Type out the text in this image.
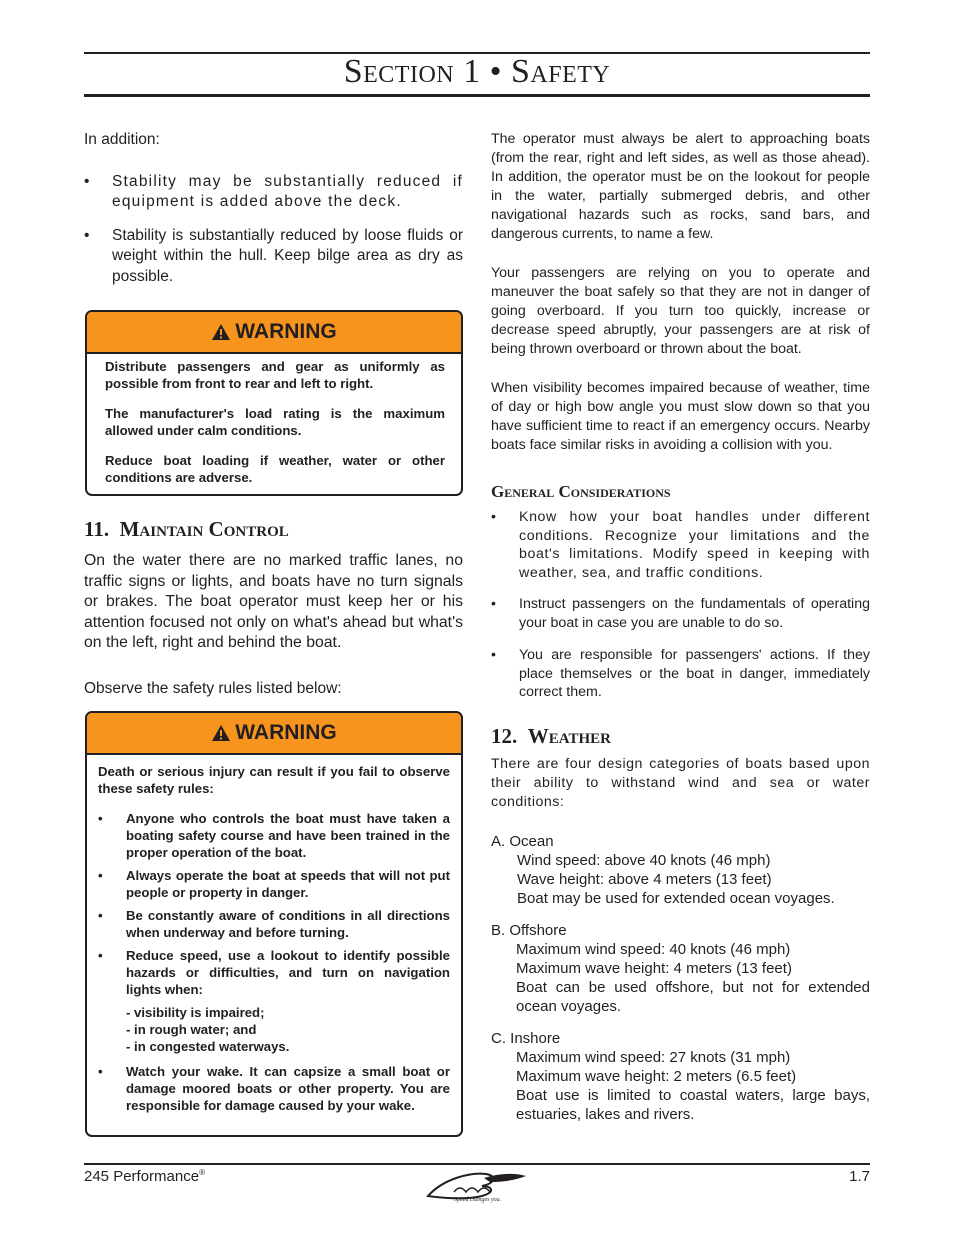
Section 1 • Safety

In addition:

• Stability may be substantially reduced if equipment is added above the deck.

• Stability is substantially reduced by loose fluids or weight within the hull. Keep bilge area as dry as possible.

WARNING

Distribute passengers and gear as uniformly as possible from front to rear and left to right.

The manufacturer's load rating is the maximum allowed under calm conditions.

Reduce boat loading if weather, water or other conditions are adverse.

11. Maintain Control

On the water there are no marked traffic lanes, no traffic signs or lights, and boats have no turn signals or brakes. The boat operator must keep her or his attention focused not only on what's ahead but what's on the left, right and behind the boat.

Observe the safety rules listed below:

WARNING

Death or serious injury can result if you fail to observe these safety rules:

• Anyone who controls the boat must have taken a boating safety course and have been trained in the proper operation of the boat.

• Always operate the boat at speeds that will not put people or property in danger.

• Be constantly aware of conditions in all directions when underway and before turning.

• Reduce speed, use a lookout to identify possible hazards or difficulties, and turn on navigation lights when:

- visibility is impaired;

- in rough water; and

- in congested waterways.

• Watch your wake. It can capsize a small boat or damage moored boats or other property. You are responsible for damage caused by your wake.

The operator must always be alert to approaching boats (from the rear, right and left sides, as well as those ahead). In addition, the operator must be on the lookout for people in the water, partially submerged debris, and other navigational hazards such as rocks, sand bars, and dangerous currents, to name a few.

Your passengers are relying on you to operate and maneuver the boat safely so that they are not in danger of going overboard. If you turn too quickly, increase or decrease speed abruptly, your passengers are at risk of being thrown overboard or thrown about the boat.

When visibility becomes impaired because of weather, time of day or high bow angle you must slow down so that you have sufficient time to react if an emergency occurs. Nearby boats face similar risks in avoiding a collision with you.

General Considerations

• Know how your boat handles under different conditions. Recognize your limitations and the boat's limitations. Modify speed in keeping with weather, sea, and traffic conditions.

• Instruct passengers on the fundamentals of operating your boat in case you are unable to do so.

• You are responsible for passengers' actions. If they place themselves or the boat in danger, immediately correct them.

12. Weather

There are four design categories of boats based upon their ability to withstand wind and sea or water conditions:

A. Ocean

Wind speed: above 40 knots (46 mph)

Wave height: above 4 meters (13 feet)

Boat may be used for extended ocean voyages.

B. Offshore

Maximum wind speed: 40 knots (46 mph)

Maximum wave height: 4 meters (13 feet)

Boat can be used offshore, but not for extended ocean voyages.

C. Inshore

Maximum wind speed: 27 knots (31 mph)

Maximum wave height: 2 meters (6.5 feet)

Boat use is limited to coastal waters, large bays, estuaries, lakes and rivers.

245 Performance®	1.7
Speed changes you.
